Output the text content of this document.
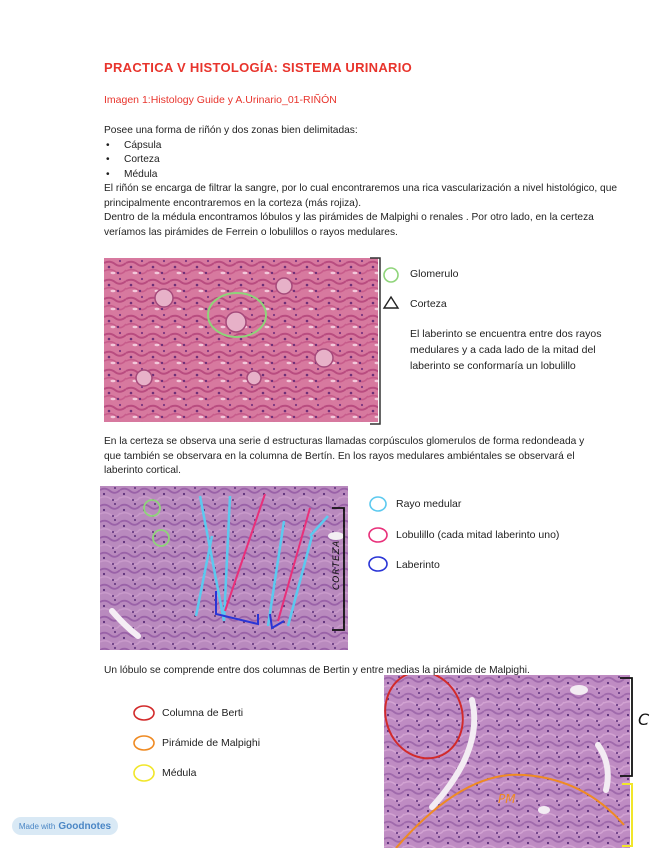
PRACTICA V HISTOLOGÍA: SISTEMA URINARIO
Imagen 1:Histology Guide y A.Urinario_01-RIÑÓN
Posee una forma de riñón y dos zonas bien delimitadas:
• Cápsula
• Corteza
• Médula
El riñón se encarga de filtrar la sangre, por lo cual encontraremos una rica vascularización a nivel histológico, que principalmente encontraremos en la corteza (más rojiza).
Dentro de la médula encontramos lóbulos y las pirámides de Malpighi o renales . Por otro lado, en la certeza veríamos las pirámides de Ferrein o lobulillos o rayos medulares.
Glomerulo
Corteza
El laberinto se encuentra entre dos rayos medulares y a cada lado de la mitad del laberinto se conformaría un lobulillo
En la certeza se observa una serie d estructuras llamadas corpúsculos glomerulos de forma redondeada y que también se observara en la columna de Bertín. En los rayos medulares ambiéntales se observará el laberinto cortical.
CORTEZA
Rayo medular
Lobulillo (cada mitad laberinto uno)
Laberinto
PM
C
Un lóbulo se comprende entre dos columnas de Bertin y entre medias la pirámide de Malpighi.
Columna de Berti
Pirámide de Malpighi
Médula
Made with Goodnotes
